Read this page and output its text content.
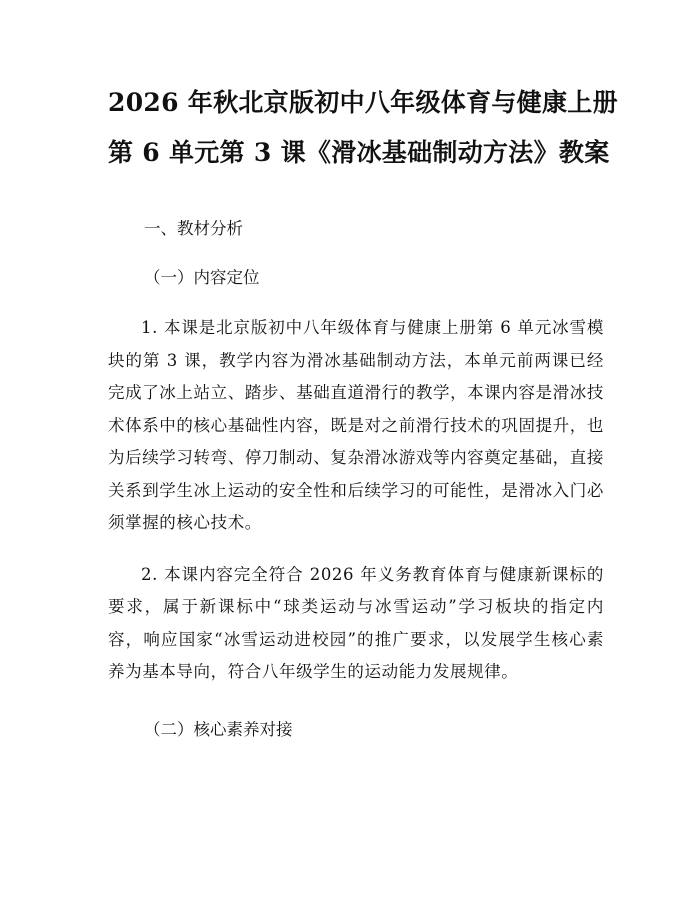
2026 年秋北京版初中八年级体育与健康上册
第 6 单元第 3 课《滑冰基础制动方法》教案

一、教材分析

（一）内容定位

1. 本课是北京版初中八年级体育与健康上册第 6 单元冰雪模块的第 3 课，教学内容为滑冰基础制动方法，本单元前两课已经完成了冰上站立、踏步、基础直道滑行的教学，本课内容是滑冰技术体系中的核心基础性内容，既是对之前滑行技术的巩固提升，也为后续学习转弯、停刀制动、复杂滑冰游戏等内容奠定基础，直接关系到学生冰上运动的安全性和后续学习的可能性，是滑冰入门必须掌握的核心技术。

2. 本课内容完全符合 2026 年义务教育体育与健康新课标的要求，属于新课标中“球类运动与冰雪运动”学习板块的指定内容，响应国家“冰雪运动进校园”的推广要求，以发展学生核心素养为基本导向，符合八年级学生的运动能力发展规律。

（二）核心素养对接
